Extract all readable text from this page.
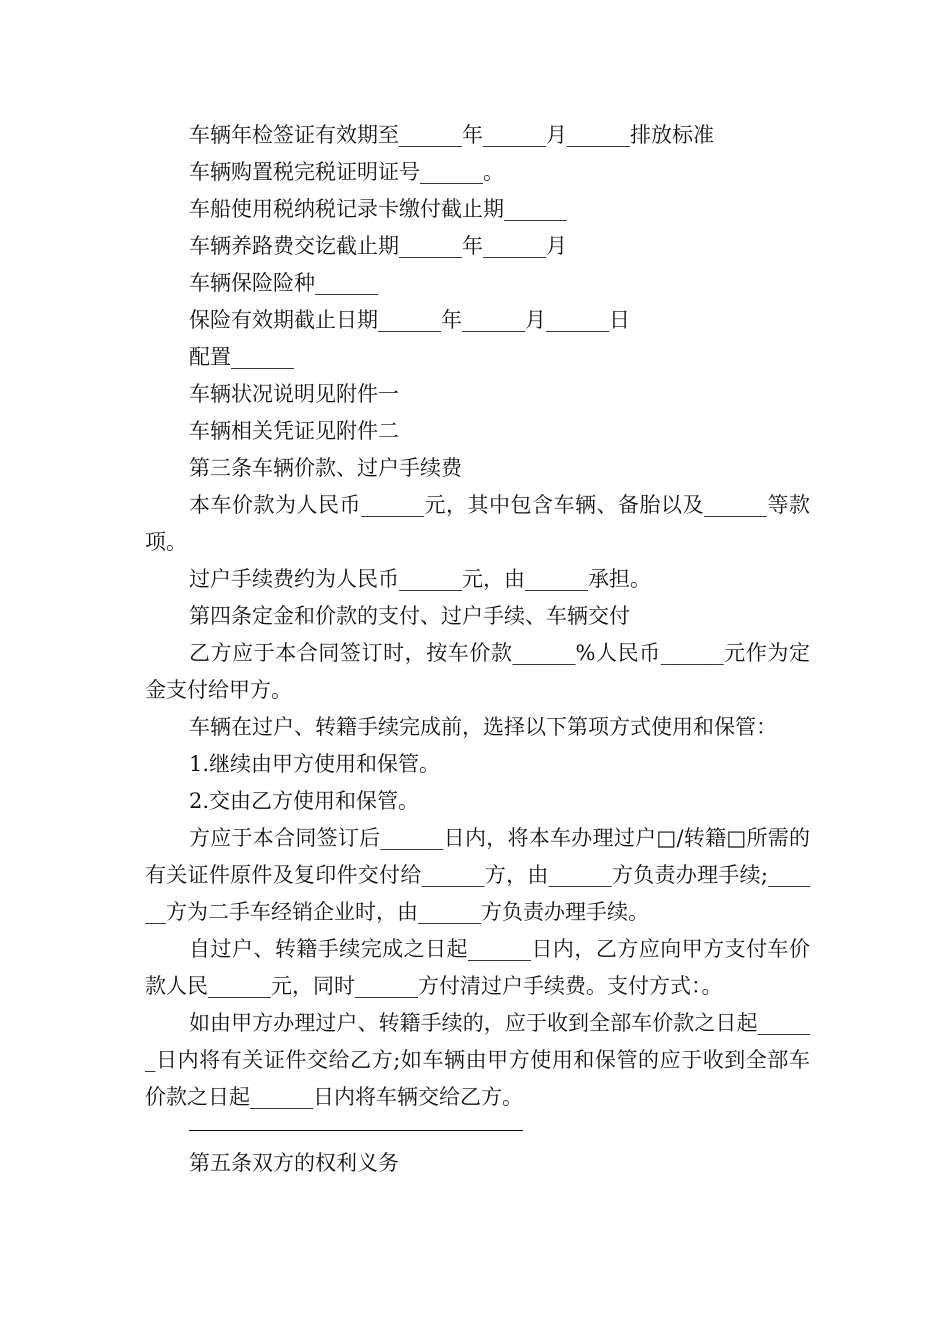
车辆年检签证有效期至______年______月______排放标准
车辆购置税完税证明证号______。
车船使用税纳税记录卡缴付截止期______
车辆养路费交讫截止期______年______月
车辆保险险种______
保险有效期截止日期______年______月______日
配置______
车辆状况说明见附件一
车辆相关凭证见附件二
第三条车辆价款、过户手续费
本车价款为人民币______元，其中包含车辆、备胎以及______等款项。
过户手续费约为人民币______元，由______承担。
第四条定金和价款的支付、过户手续、车辆交付
乙方应于本合同签订时，按车价款______%人民币______元作为定金支付给甲方。
车辆在过户、转籍手续完成前，选择以下第项方式使用和保管：
1.继续由甲方使用和保管。
2.交由乙方使用和保管。
方应于本合同签订后______日内，将本车办理过户□/转籍□所需的有关证件原件及复印件交付给______方，由______方负责办理手续;______方为二手车经销企业时，由______方负责办理手续。
自过户、转籍手续完成之日起______日内，乙方应向甲方支付车价款人民______元，同时______方付清过户手续费。支付方式：。
如由甲方办理过户、转籍手续的，应于收到全部车价款之日起______日内将有关证件交给乙方;如车辆由甲方使用和保管的应于收到全部车价款之日起______日内将车辆交给乙方。
第五条双方的权利义务
